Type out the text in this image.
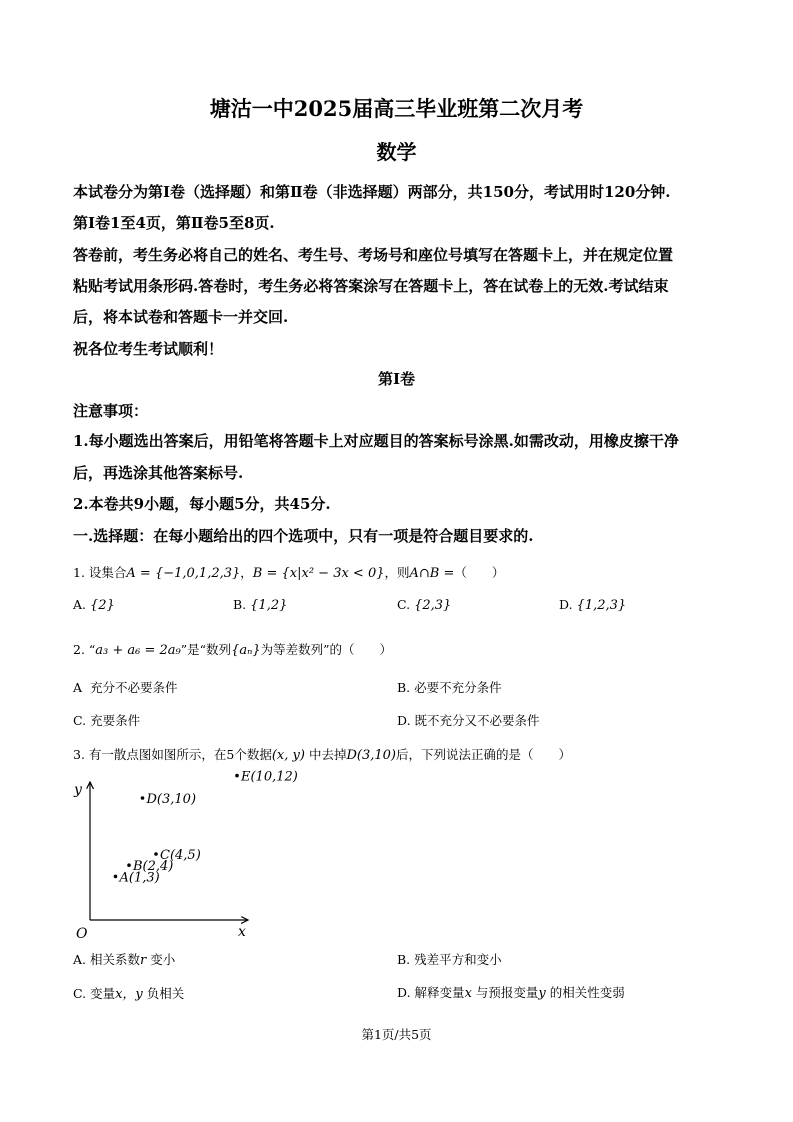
塘沽一中2025届高三毕业班第二次月考
数学
本试卷分为第Ⅰ卷（选择题）和第Ⅱ卷（非选择题）两部分，共150分，考试用时120分钟.
第Ⅰ卷1至4页，第Ⅱ卷5至8页.
答卷前，考生务必将自己的姓名、考生号、考场号和座位号填写在答题卡上，并在规定位置
粘贴考试用条形码.答卷时，考生务必将答案涂写在答题卡上，答在试卷上的无效.考试结束
后，将本试卷和答题卡一并交回.
祝各位考生考试顺利！
第Ⅰ卷
注意事项：
1.每小题选出答案后，用铅笔将答题卡上对应题目的答案标号涂黑.如需改动，用橡皮擦干净
后，再选涂其他答案标号.
2.本卷共9小题，每小题5分，共45分.
一.选择题：在每小题给出的四个选项中，只有一项是符合题目要求的.
1. 设集合A = {−1,0,1,2,3}，B = {x|x² − 3x < 0}，则A∩B =（　　）
A. {2}	B. {1,2}	C. {2,3}	D. {1,2,3}
2. “a₃ + a₆ = 2a₉”是“数列{aₙ}为等差数列”的（　　）
A 充分不必要条件	B. 必要不充分条件
C. 充要条件	D. 既不充分又不必要条件
3. 有一散点图如图所示，在5个数据(x, y) 中去掉D(3,10)后，下列说法正确的是（　　）
x
y
O
A(1,3)
B(2,4)
C(4,5)
D(3,10)
E(10,12)
A. 相关系数r 变小	B. 残差平方和变小
C. 变量x，y 负相关	D. 解释变量x 与预报变量y 的相关性变弱
第1页/共5页
